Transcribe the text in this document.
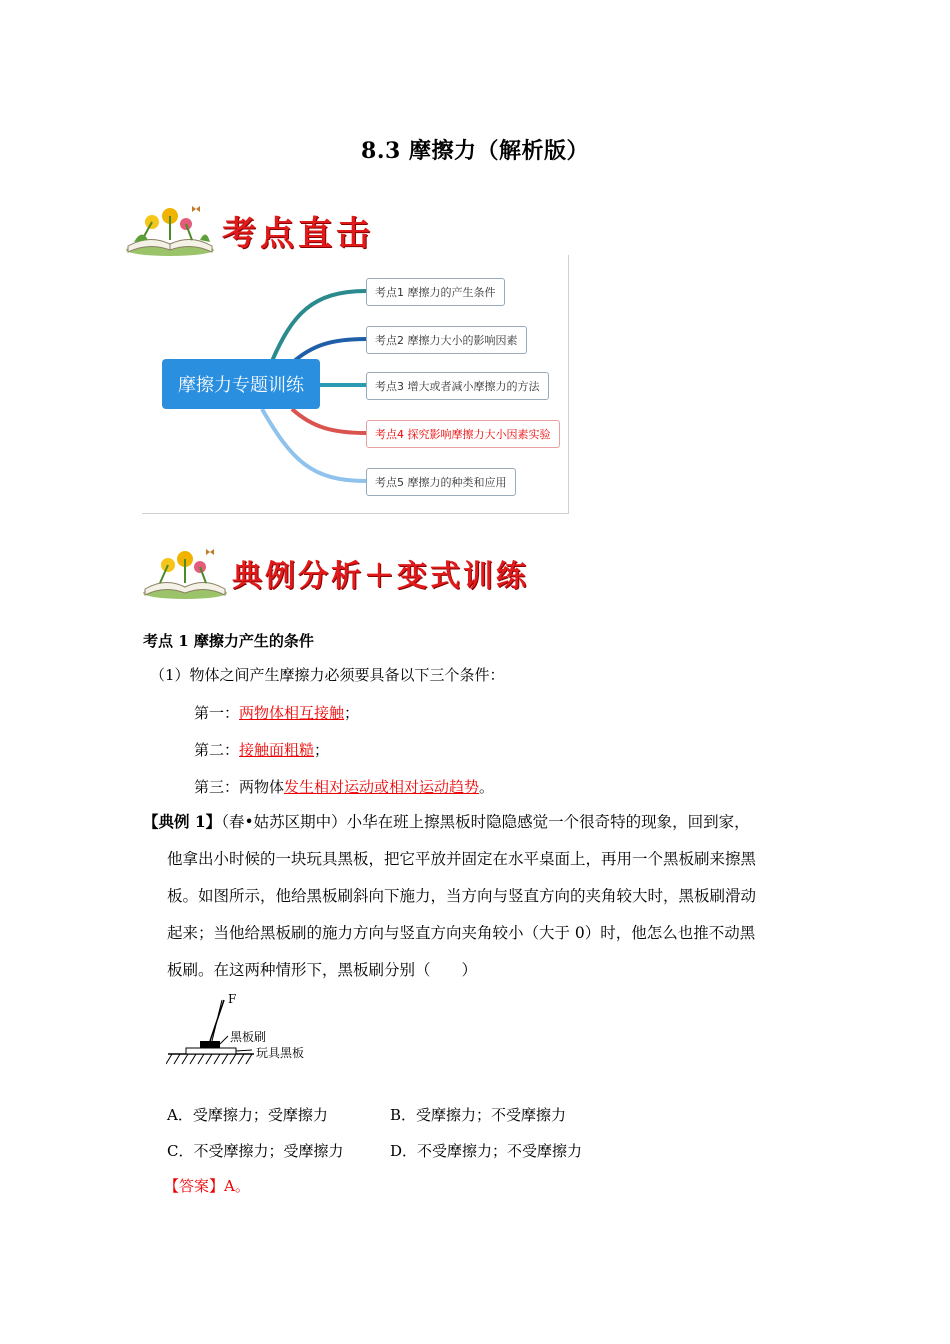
8.3 摩擦力（解析版）
考点直击
摩擦力专题训练
考点1 摩擦力的产生条件
考点2 摩擦力大小的影响因素
考点3 增大或者减小摩擦力的方法
考点4 探究影响摩擦力大小因素实验
考点5 摩擦力的种类和应用
典例分析＋变式训练
考点 1 摩擦力产生的条件
（1）物体之间产生摩擦力必须要具备以下三个条件：
第一：两物体相互接触；
第二：接触面粗糙；
第三：两物体发生相对运动或相对运动趋势。
【典例 1】（春•姑苏区期中）小华在班上擦黑板时隐隐感觉一个很奇特的现象，回到家，
他拿出小时候的一块玩具黑板，把它平放并固定在水平桌面上，再用一个黑板刷来擦黑
板。如图所示，他给黑板刷斜向下施力，当方向与竖直方向的夹角较大时，黑板刷滑动
起来；当他给黑板刷的施力方向与竖直方向夹角较小（大于 0）时，他怎么也推不动黑
板刷。在这两种情形下，黑板刷分别（　　）
F
黑板刷
玩具黑板
A．受摩擦力；受摩擦力	B．受摩擦力；不受摩擦力
C．不受摩擦力；受摩擦力	D．不受摩擦力；不受摩擦力
【答案】A。
